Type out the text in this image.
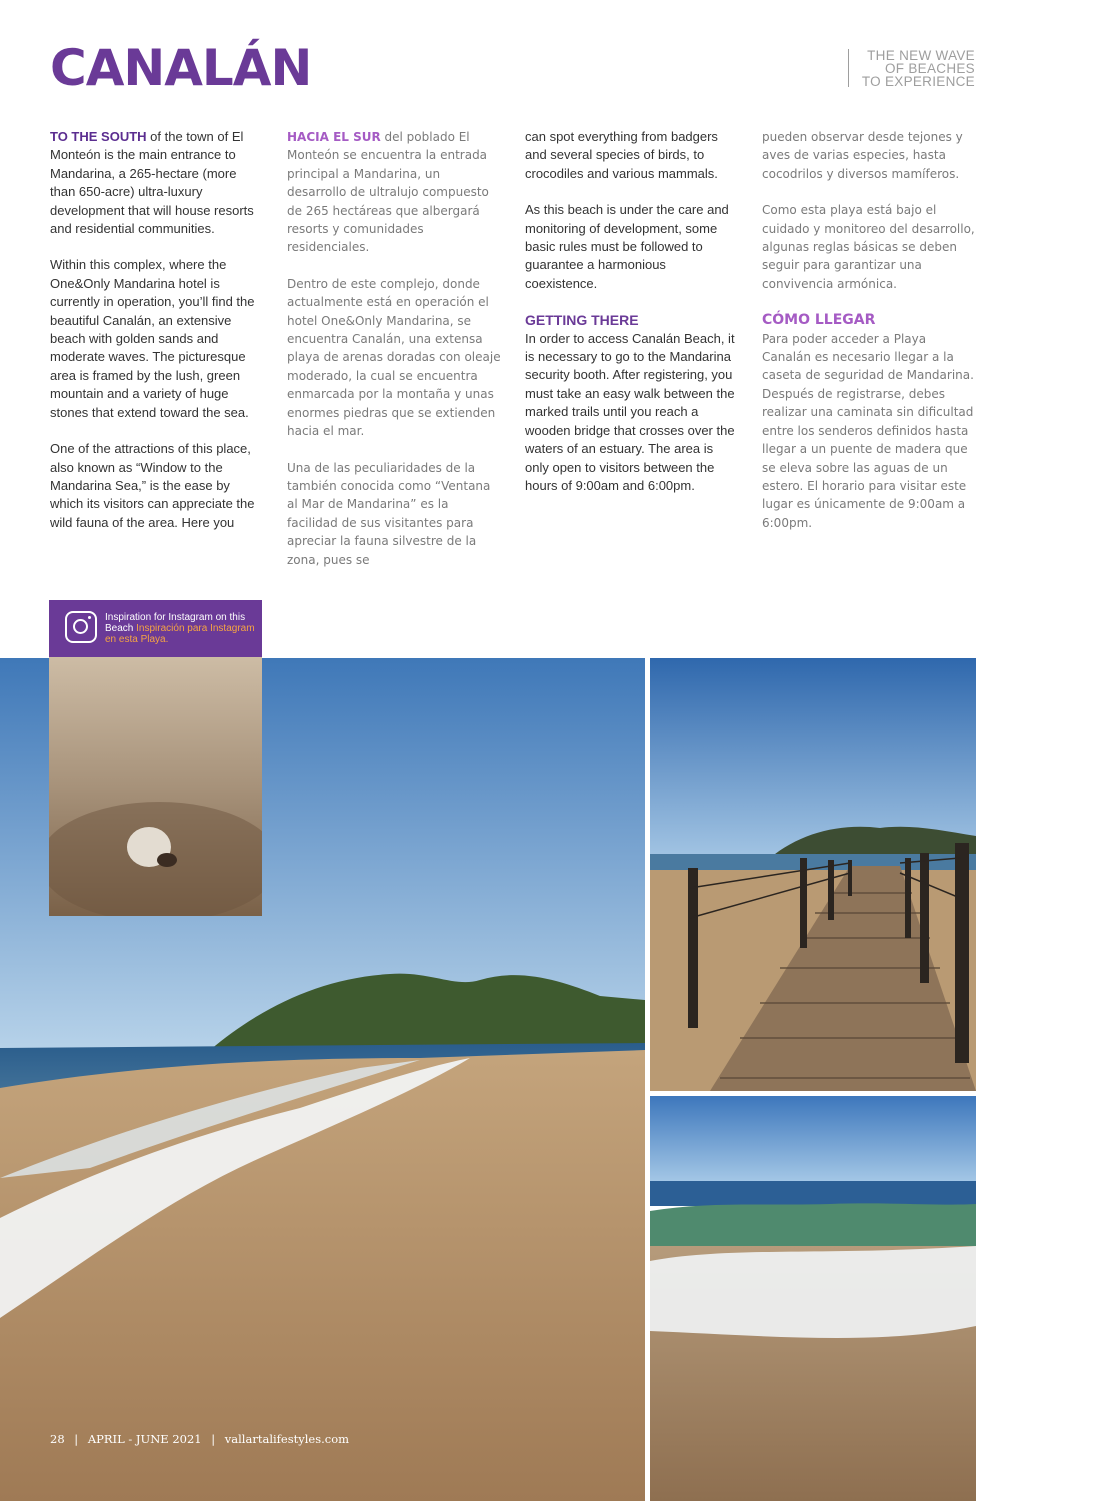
CANALÁN	THE NEW WAVE
OF BEACHES
TO EXPERIENCE

TO THE SOUTH of the town of El Monteón is the main entrance to Mandarina, a 265-hectare (more than 650-acre) ultra-luxury development that will house resorts and residential communities.

Within this complex, where the One&Only Mandarina hotel is currently in operation, you’ll find the beautiful Canalán, an extensive beach with golden sands and moderate waves. The picturesque area is framed by the lush, green mountain and a variety of huge stones that extend toward the sea.

One of the attractions of this place, also known as “Window to the Mandarina Sea,” is the ease by which its visitors can appreciate the wild fauna of the area. Here you

HACIA EL SUR del poblado El Monteón se encuentra la entrada principal a Mandarina, un desarrollo de ultralujo compuesto de 265 hectáreas que albergará resorts y comunidades residenciales.

Dentro de este complejo, donde actualmente está en operación el hotel One&Only Mandarina, se encuentra Canalán, una extensa playa de arenas doradas con oleaje moderado, la cual se encuentra enmarcada por la montaña y unas enormes piedras que se extienden hacia el mar.

Una de las peculiaridades de la también conocida como “Ventana al Mar de Mandarina” es la facilidad de sus visitantes para apreciar la fauna silvestre de la zona, pues se

can spot everything from badgers and several species of birds, to crocodiles and various mammals.

As this beach is under the care and monitoring of development, some basic rules must be followed to guarantee a harmonious coexistence.

GETTING THERE

In order to access Canalán Beach, it is necessary to go to the Mandarina security booth. After registering, you must take an easy walk between the marked trails until you reach a wooden bridge that crosses over the waters of an estuary. The area is only open to visitors between the hours of 9:00am and 6:00pm.

pueden observar desde tejones y aves de varias especies, hasta cocodrilos y diversos mamíferos.

Como esta playa está bajo el cuidado y monitoreo del desarrollo, algunas reglas básicas se deben seguir para garantizar una convivencia armónica.

CÓMO LLEGAR

Para poder acceder a Playa Canalán es necesario llegar a la caseta de seguridad de Mandarina. Después de registrarse, debes realizar una caminata sin dificultad entre los senderos definidos hasta llegar a un puente de madera que se eleva sobre las aguas de un estero. El horario para visitar este lugar es únicamente de 9:00am a 6:00pm.

Inspiration for Instagram on this Beach Inspiración para Instagram en esta Playa.
28 | APRIL - JUNE 2021 | vallartalifestyles.com
